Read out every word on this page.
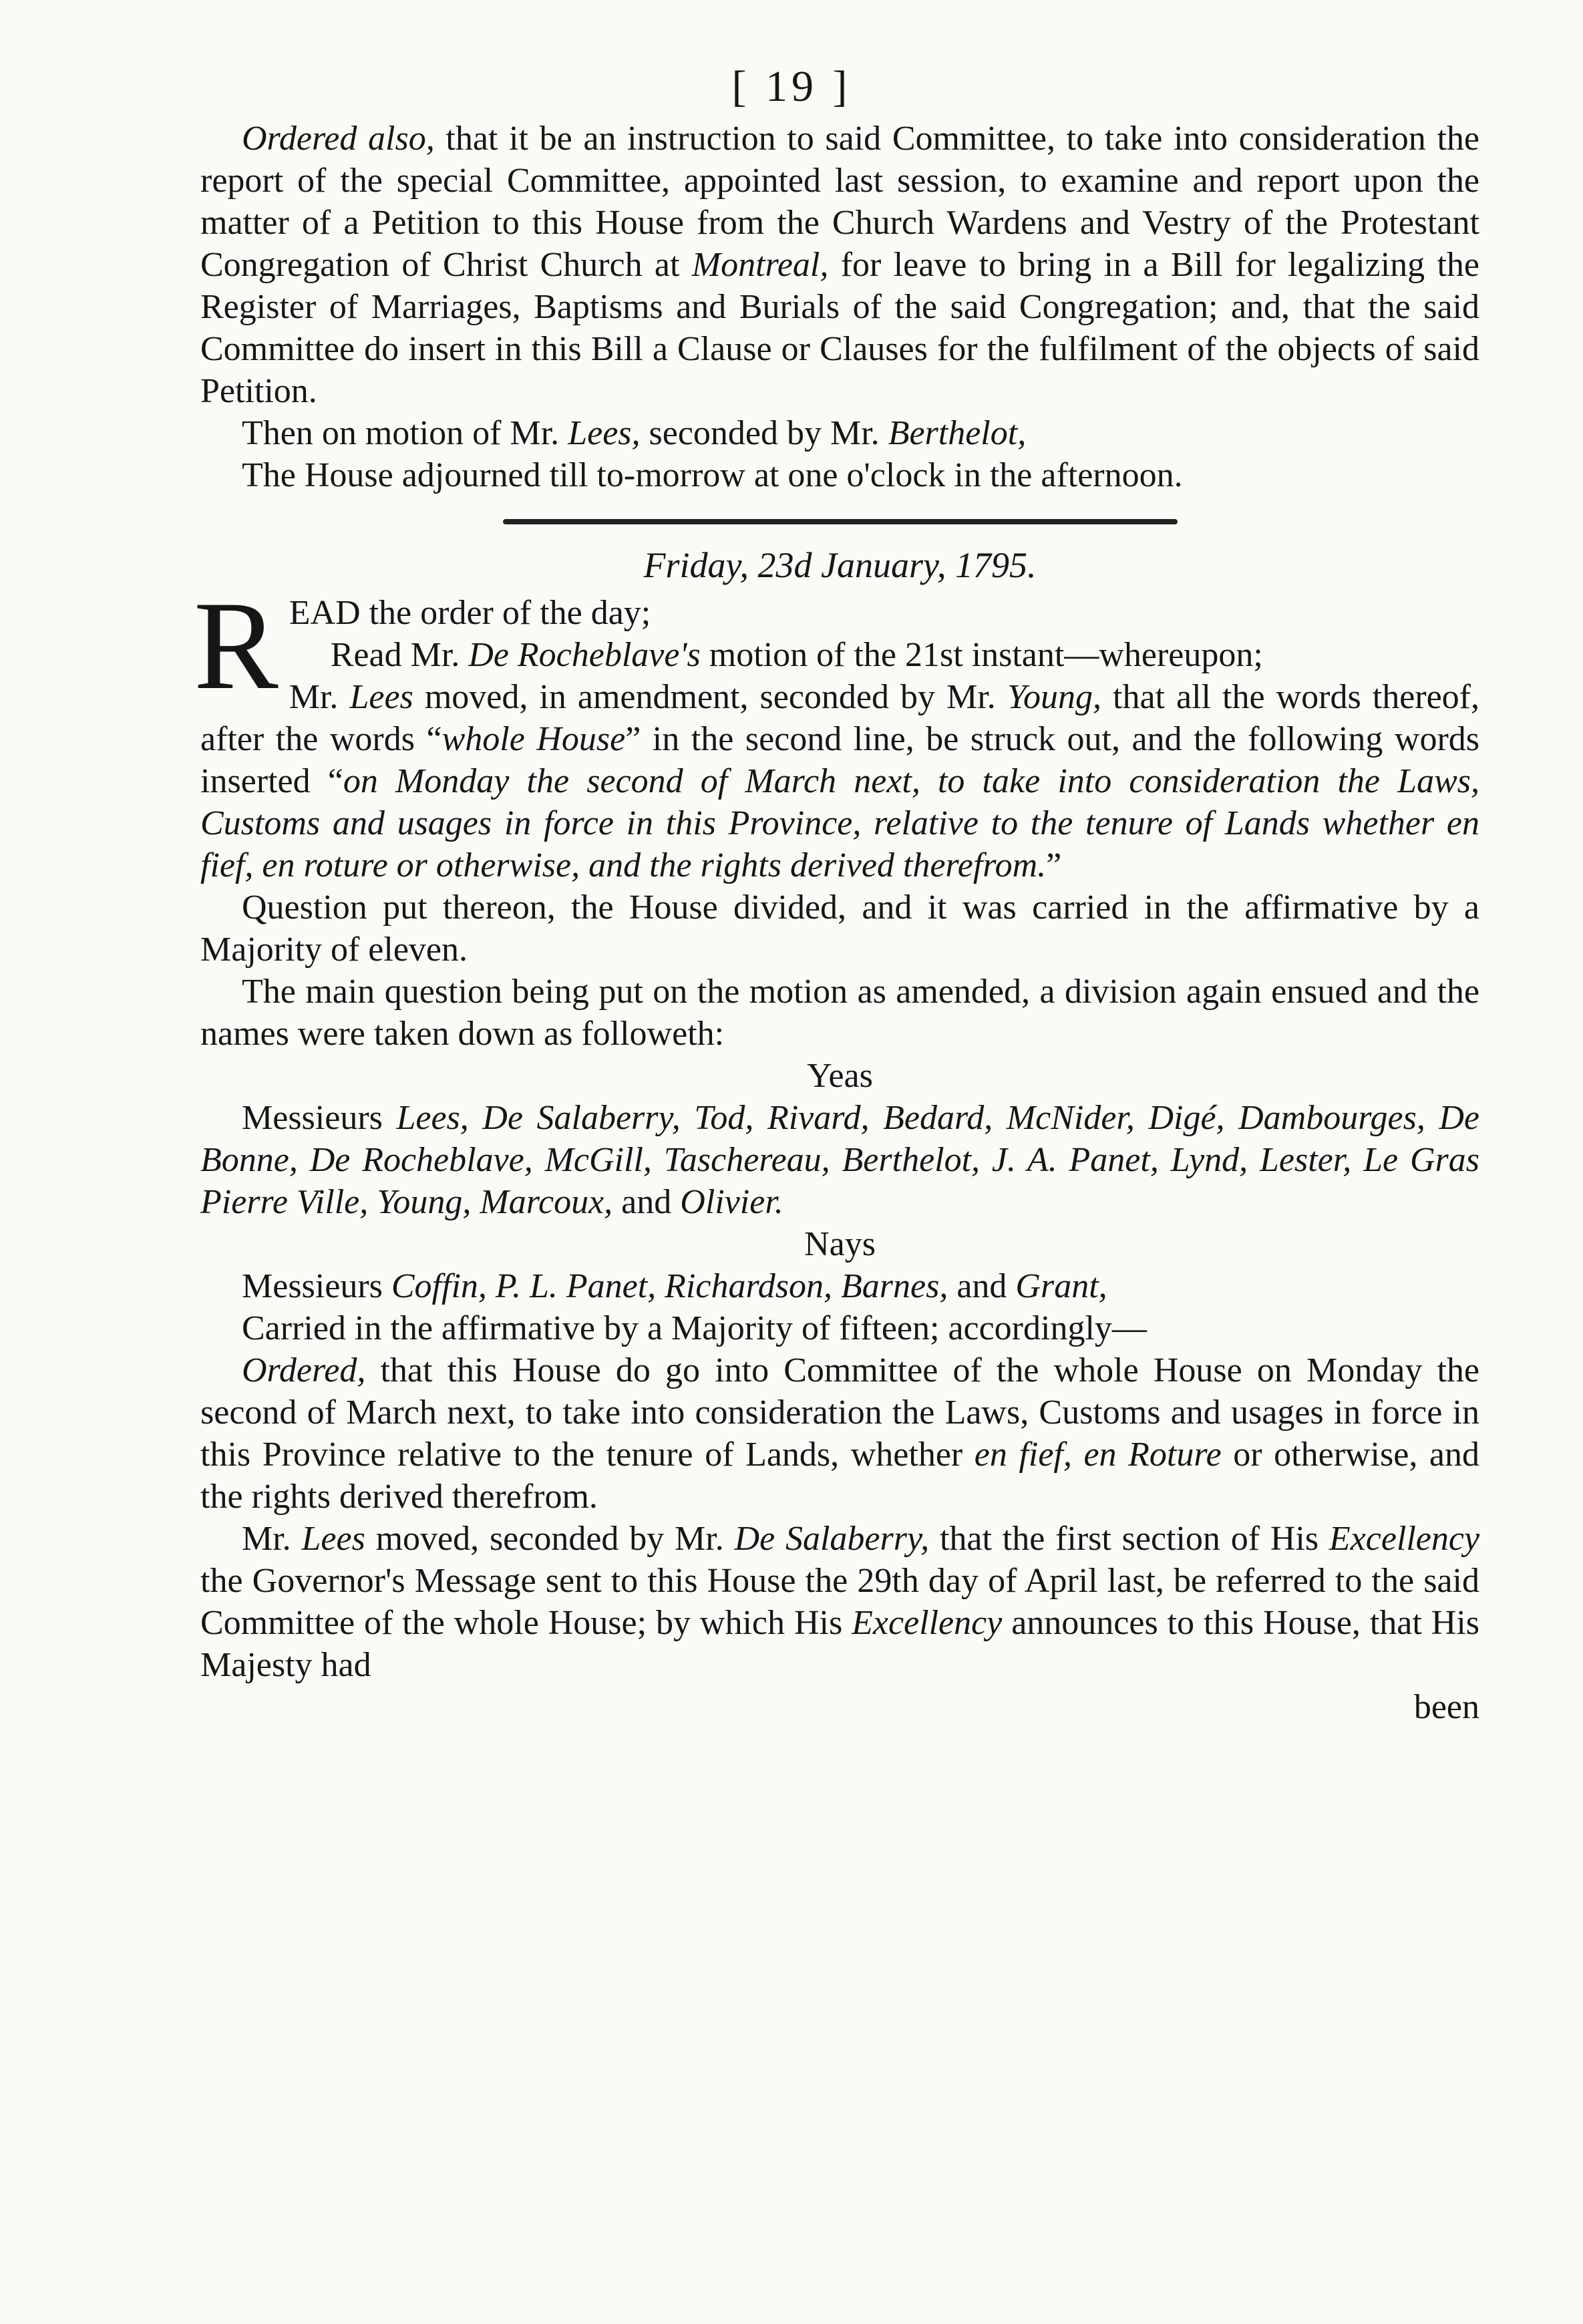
[ 19 ]

Ordered also, that it be an instruction to said Committee, to take into consideration the report of the special Committee, appointed last session, to examine and report upon the matter of a Petition to this House from the Church Wardens and Vestry of the Protestant Congregation of Christ Church at Montreal, for leave to bring in a Bill for legalizing the Register of Marriages, Baptisms and Burials of the said Congregation; and, that the said Committee do insert in this Bill a Clause or Clauses for the fulfilment of the objects of said Petition.

Then on motion of Mr. Lees, seconded by Mr. Berthelot,

The House adjourned till to-morrow at one o'clock in the afternoon.

Friday, 23d January, 1795.

READ the order of the day;

Read Mr. De Rocheblave's motion of the 21st instant—whereupon;

Mr. Lees moved, in amendment, seconded by Mr. Young, that all the words thereof, after the words “whole House” in the second line, be struck out, and the following words inserted “on Monday the second of March next, to take into consideration the Laws, Customs and usages in force in this Province, relative to the tenure of Lands whether en fief, en roture or otherwise, and the rights derived therefrom.”

Question put thereon, the House divided, and it was carried in the affirmative by a Majority of eleven.

The main question being put on the motion as amended, a division again ensued and the names were taken down as followeth:

Yeas

Messieurs Lees, De Salaberry, Tod, Rivard, Bedard, McNider, Digé, Dambourges, De Bonne, De Rocheblave, McGill, Taschereau, Berthelot, J. A. Panet, Lynd, Lester, Le Gras Pierre Ville, Young, Marcoux, and Olivier.

Nays

Messieurs Coffin, P. L. Panet, Richardson, Barnes, and Grant,

Carried in the affirmative by a Majority of fifteen; accordingly—

Ordered, that this House do go into Committee of the whole House on Monday the second of March next, to take into consideration the Laws, Customs and usages in force in this Province relative to the tenure of Lands, whether en fief, en Roture or otherwise, and the rights derived therefrom.

Mr. Lees moved, seconded by Mr. De Salaberry, that the first section of His Excellency the Governor's Message sent to this House the 29th day of April last, be referred to the said Committee of the whole House; by which His Excellency announces to this House, that His Majesty had

been
